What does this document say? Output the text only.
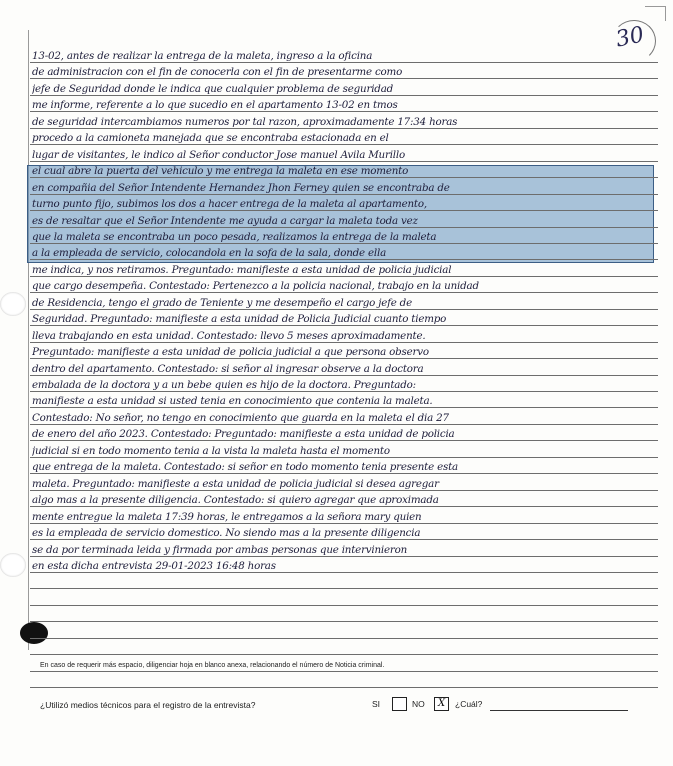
30
13-02, antes de realizar la entrega de la maleta, ingreso a la oficina
de administracion con el fin de conocerla con el fin de presentarme como
jefe de Seguridad donde le indica que cualquier problema de seguridad
me informe, referente a lo que sucedio en el apartamento 13-02 en tmos
de seguridad intercambiamos numeros por tal razon, aproximadamente 17:34 horas
procedo a la camioneta manejada que se encontraba estacionada en el
lugar de visitantes, le indico al Señor conductor Jose manuel Avila Murillo
el cual abre la puerta del vehiculo y me entrega la maleta en ese momento
en compañia del Señor Intendente Hernandez Jhon Ferney quien se encontraba de
turno punto fijo, subimos los dos a hacer entrega de la maleta al apartamento,
es de resaltar que el Señor Intendente me ayuda a cargar la maleta toda vez
que la maleta se encontraba un poco pesada, realizamos la entrega de la maleta
a la empleada de servicio, colocandola en la sofa de la sala, donde ella
me indica, y nos retiramos. Preguntado: manifieste a esta unidad de policia judicial
que cargo desempeña. Contestado: Pertenezco a la policia nacional, trabajo en la unidad
de Residencia, tengo el grado de Teniente y me desempeño el cargo jefe de
Seguridad. Preguntado: manifieste a esta unidad de Policia Judicial cuanto tiempo
lleva trabajando en esta unidad. Contestado: llevo 5 meses aproximadamente.
Preguntado: manifieste a esta unidad de policia judicial a que persona observo
dentro del apartamento. Contestado: si señor al ingresar observe a la doctora
embalada de la doctora y a un bebe quien es hijo de la doctora. Preguntado:
manifieste a esta unidad si usted tenia en conocimiento que contenia la maleta.
Contestado: No señor, no tengo en conocimiento que guarda en la maleta el dia 27
de enero del año 2023. Contestado: Preguntado: manifieste a esta unidad de policia
judicial si en todo momento tenia a la vista la maleta hasta el momento
que entrega de la maleta. Contestado: si señor en todo momento tenia presente esta
maleta. Preguntado: manifieste a esta unidad de policia judicial si desea agregar
algo mas a la presente diligencia. Contestado: si quiero agregar que aproximada
mente entregue la maleta 17:39 horas, le entregamos a la señora mary quien
es la empleada de servicio domestico. No siendo mas a la presente diligencia
se da por terminada leida y firmada por ambas personas que intervinieron
en esta dicha entrevista 29-01-2023 16:48 horas
En caso de requerir más espacio, diligenciar hoja en blanco anexa, relacionando el número de Noticia criminal.
¿Utilizó medios técnicos para el registro de la entrevista?	SI	NO	X	¿Cuál?
